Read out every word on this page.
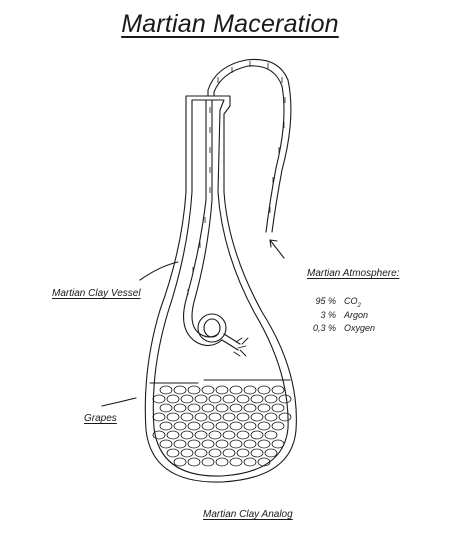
Martian Maceration
Martian Clay Vessel
Grapes
Martian Atmosphere:
95 % $CO_2$
3 % Argon
0,3 % Oxygen
Martian Clay Analog
